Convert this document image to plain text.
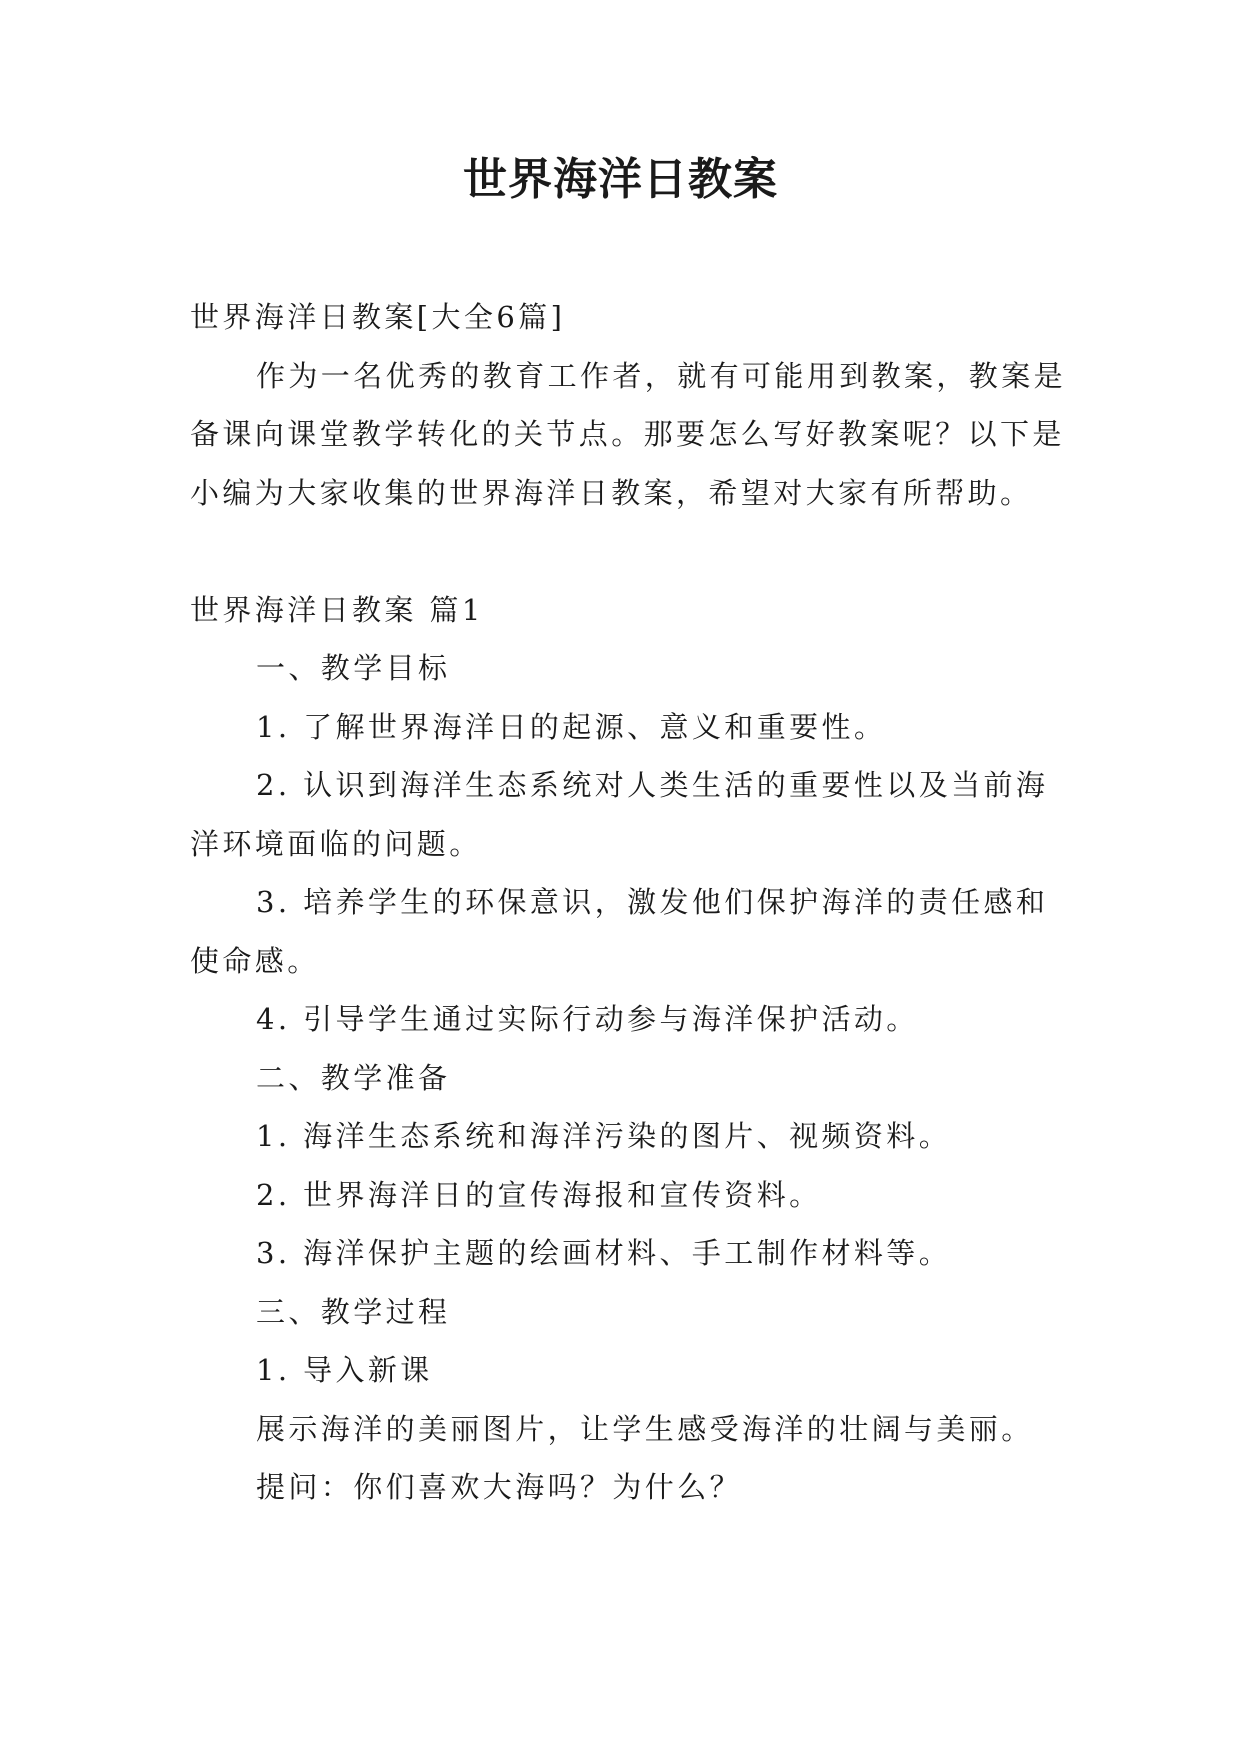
世界海洋日教案

世界海洋日教案[大全6篇]

作为一名优秀的教育工作者，就有可能用到教案，教案是备课向课堂教学转化的关节点。那要怎么写好教案呢？以下是小编为大家收集的世界海洋日教案，希望对大家有所帮助。

世界海洋日教案 篇1

一、教学目标

1. 了解世界海洋日的起源、意义和重要性。

2. 认识到海洋生态系统对人类生活的重要性以及当前海洋环境面临的问题。

3. 培养学生的环保意识，激发他们保护海洋的责任感和使命感。

4. 引导学生通过实际行动参与海洋保护活动。

二、教学准备

1. 海洋生态系统和海洋污染的图片、视频资料。

2. 世界海洋日的宣传海报和宣传资料。

3. 海洋保护主题的绘画材料、手工制作材料等。

三、教学过程

1. 导入新课

展示海洋的美丽图片，让学生感受海洋的壮阔与美丽。

提问：你们喜欢大海吗？为什么？
